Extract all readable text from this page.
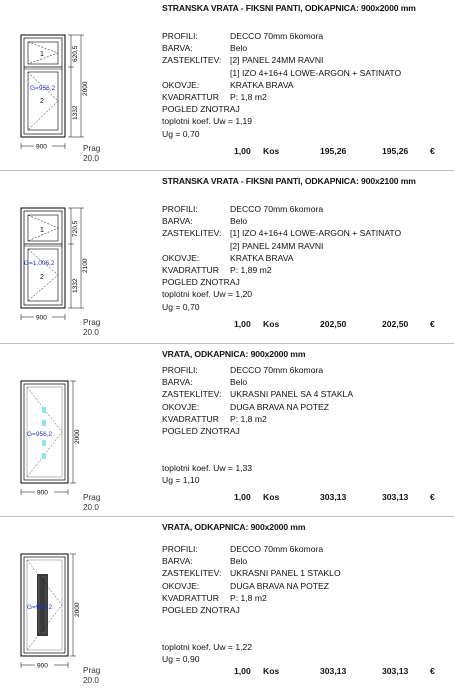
1
2
G=956,2
620,5
1332
2000
900	Prag
20.0
STRANSKA VRATA - FIKSNI PANTI, ODKAPNICA: 900x2000 mm
PROFILI:	DECCO 70mm 6komora
BARVA:	Belo
ZASTEKLITEV:	[2] PANEL 24MM RAVNI
[1] IZO 4+16+4 LOWE-ARGON + SATINATO
OKOVJE:	KRATKA BRAVA
KVADRATTUR	P: 1,8 m2
POGLED ZNOTRAJ
toplotni koef. Uw = 1,19
Ug = 0,70
1,00 Kos	195,26	195,26	€
1
2
G=1.006,2
720,5
1332
2100
900	Prag
20.0
STRANSKA VRATA - FIKSNI PANTI, ODKAPNICA: 900x2100 mm
PROFILI:	DECCO 70mm 6komora
BARVA:	Belo
ZASTEKLITEV:	[1] IZO 4+16+4 LOWE-ARGON + SATINATO
[2] PANEL 24MM RAVNI
OKOVJE:	KRATKA BRAVA
KVADRATTUR	P: 1,89 m2
POGLED ZNOTRAJ
toplotni koef. Uw = 1,20
Ug = 0,70
1,00 Kos	202,50	202,50	€
G=956,2	2000
900	Prag
20.0
VRATA, ODKAPNICA: 900x2000 mm
PROFILI:	DECCO 70mm 6komora
BARVA:	Belo
ZASTEKLITEV:	UKRASNI PANEL SA 4 STAKLA
OKOVJE:	DUGA BRAVA NA POTEZ
KVADRATTUR	P: 1,8 m2
POGLED ZNOTRAJ
toplotni koef. Uw = 1,33
Ug = 1,10
1,00 Kos	303,13	303,13	€
G=956,2	2000
900	Prag
20.0
VRATA, ODKAPNICA: 900x2000 mm
PROFILI:	DECCO 70mm 6komora
BARVA:	Belo
ZASTEKLITEV:	UKRASNI PANEL 1 STAKLO
OKOVJE:	DUGA BRAVA NA POTEZ
KVADRATTUR	P: 1,8 m2
POGLED ZNOTRAJ
toplotni koef. Uw = 1,22
Ug = 0,90
1,00 Kos	303,13	303,13	€
